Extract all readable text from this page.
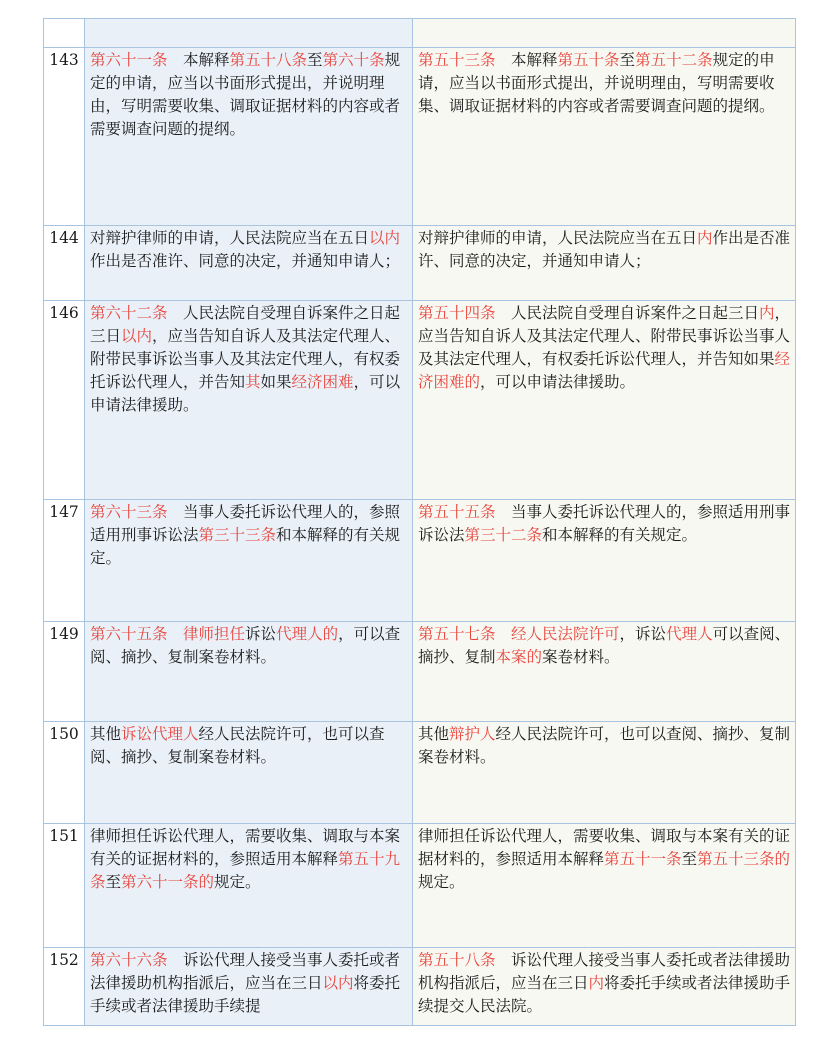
143	第六十一条　本解释第五十八条至第六十条规定的申请，应当以书面形式提出，并说明理由，写明需要收集、调取证据材料的内容或者需要调查问题的提纲。	第五十三条　本解释第五十条至第五十二条规定的申请，应当以书面形式提出，并说明理由，写明需要收集、调取证据材料的内容或者需要调查问题的提纲。
144	对辩护律师的申请，人民法院应当在五日以内作出是否准许、同意的决定，并通知申请人；	对辩护律师的申请，人民法院应当在五日内作出是否准许、同意的决定，并通知申请人；
146	第六十二条　人民法院自受理自诉案件之日起三日以内，应当告知自诉人及其法定代理人、附带民事诉讼当事人及其法定代理人，有权委托诉讼代理人，并告知其如果经济困难，可以申请法律援助。	第五十四条　人民法院自受理自诉案件之日起三日内，应当告知自诉人及其法定代理人、附带民事诉讼当事人及其法定代理人，有权委托诉讼代理人，并告知如果经济困难的，可以申请法律援助。
147	第六十三条　当事人委托诉讼代理人的，参照适用刑事诉讼法第三十三条和本解释的有关规定。	第五十五条　当事人委托诉讼代理人的，参照适用刑事诉讼法第三十二条和本解释的有关规定。
149	第六十五条　 律师担任诉讼代理人的，可以查阅、摘抄、复制案卷材料。	第五十七条　 经人民法院许可，诉讼代理人可以查阅、摘抄、复制本案的案卷材料。
150	其他诉讼代理人经人民法院许可，也可以查阅、摘抄、复制案卷材料。	其他辩护人经人民法院许可，也可以查阅、摘抄、复制案卷材料。
151	律师担任诉讼代理人，需要收集、调取与本案有关的证据材料的，参照适用本解释第五十九条至第六十一条的规定。	律师担任诉讼代理人，需要收集、调取与本案有关的证据材料的，参照适用本解释第五十一条至第五十三条的规定。
152	第六十六条　诉讼代理人接受当事人委托或者法律援助机构指派后，应当在三日以内将委托手续或者法律援助手续提	第五十八条　诉讼代理人接受当事人委托或者法律援助机构指派后，应当在三日内将委托手续或者法律援助手续提交人民法院。
